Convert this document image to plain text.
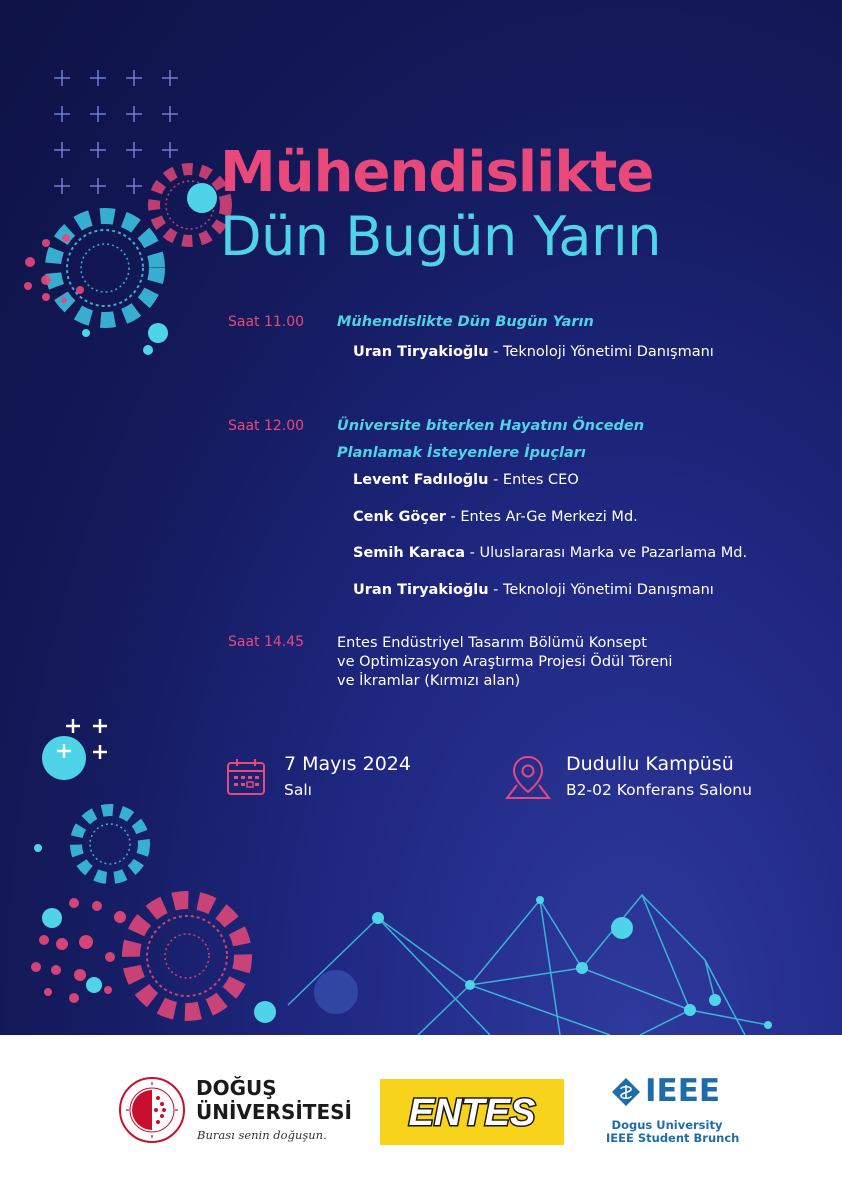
Mühendislikte
Dün Bugün Yarın
Saat 11.00 Mühendislikte Dün Bugün Yarın
Uran Tiryakioğlu - Teknoloji Yönetimi Danışmanı
Saat 12.00 Üniversite biterken Hayatını Önceden
Planlamak İsteyenlere İpuçları
Levent Fadıloğlu - Entes CEO
Cenk Göçer - Entes Ar-Ge Merkezi Md.
Semih Karaca - Uluslararası Marka ve Pazarlama Md.
Uran Tiryakioğlu - Teknoloji Yönetimi Danışmanı
Saat 14.45 Entes Endüstriyel Tasarım Bölümü Konsept
ve Optimizasyon Araştırma Projesi Ödül Töreni
ve İkramlar (Kırmızı alan)
7 Mayıs 2024
Salı
Dudullu Kampüsü
B2-02 Konferans Salonu
DOĞUŞ
ÜNİVERSİTESİ
Burası senin doğuşun.
ENTES
IEEE
Dogus University
IEEE Student Brunch
